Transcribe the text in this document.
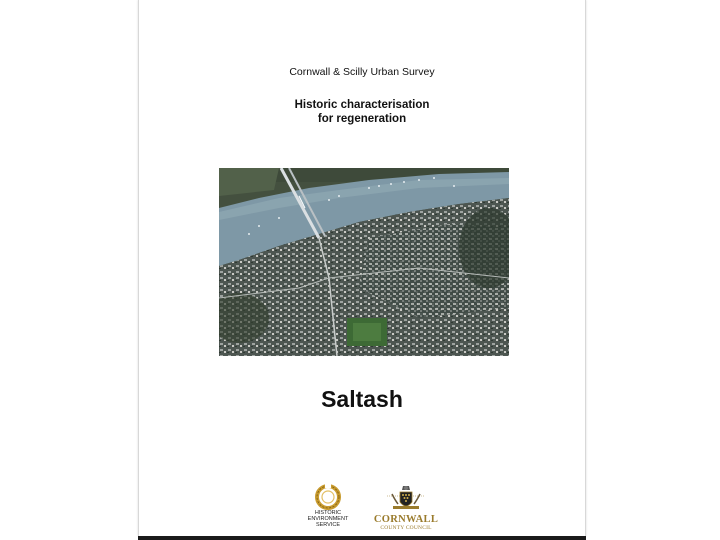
Cornwall & Scilly Urban Survey
Historic characterisation
for regeneration
Saltash
HISTORIC
ENVIRONMENT
SERVICE	CORNWALL
COUNTY COUNCIL
